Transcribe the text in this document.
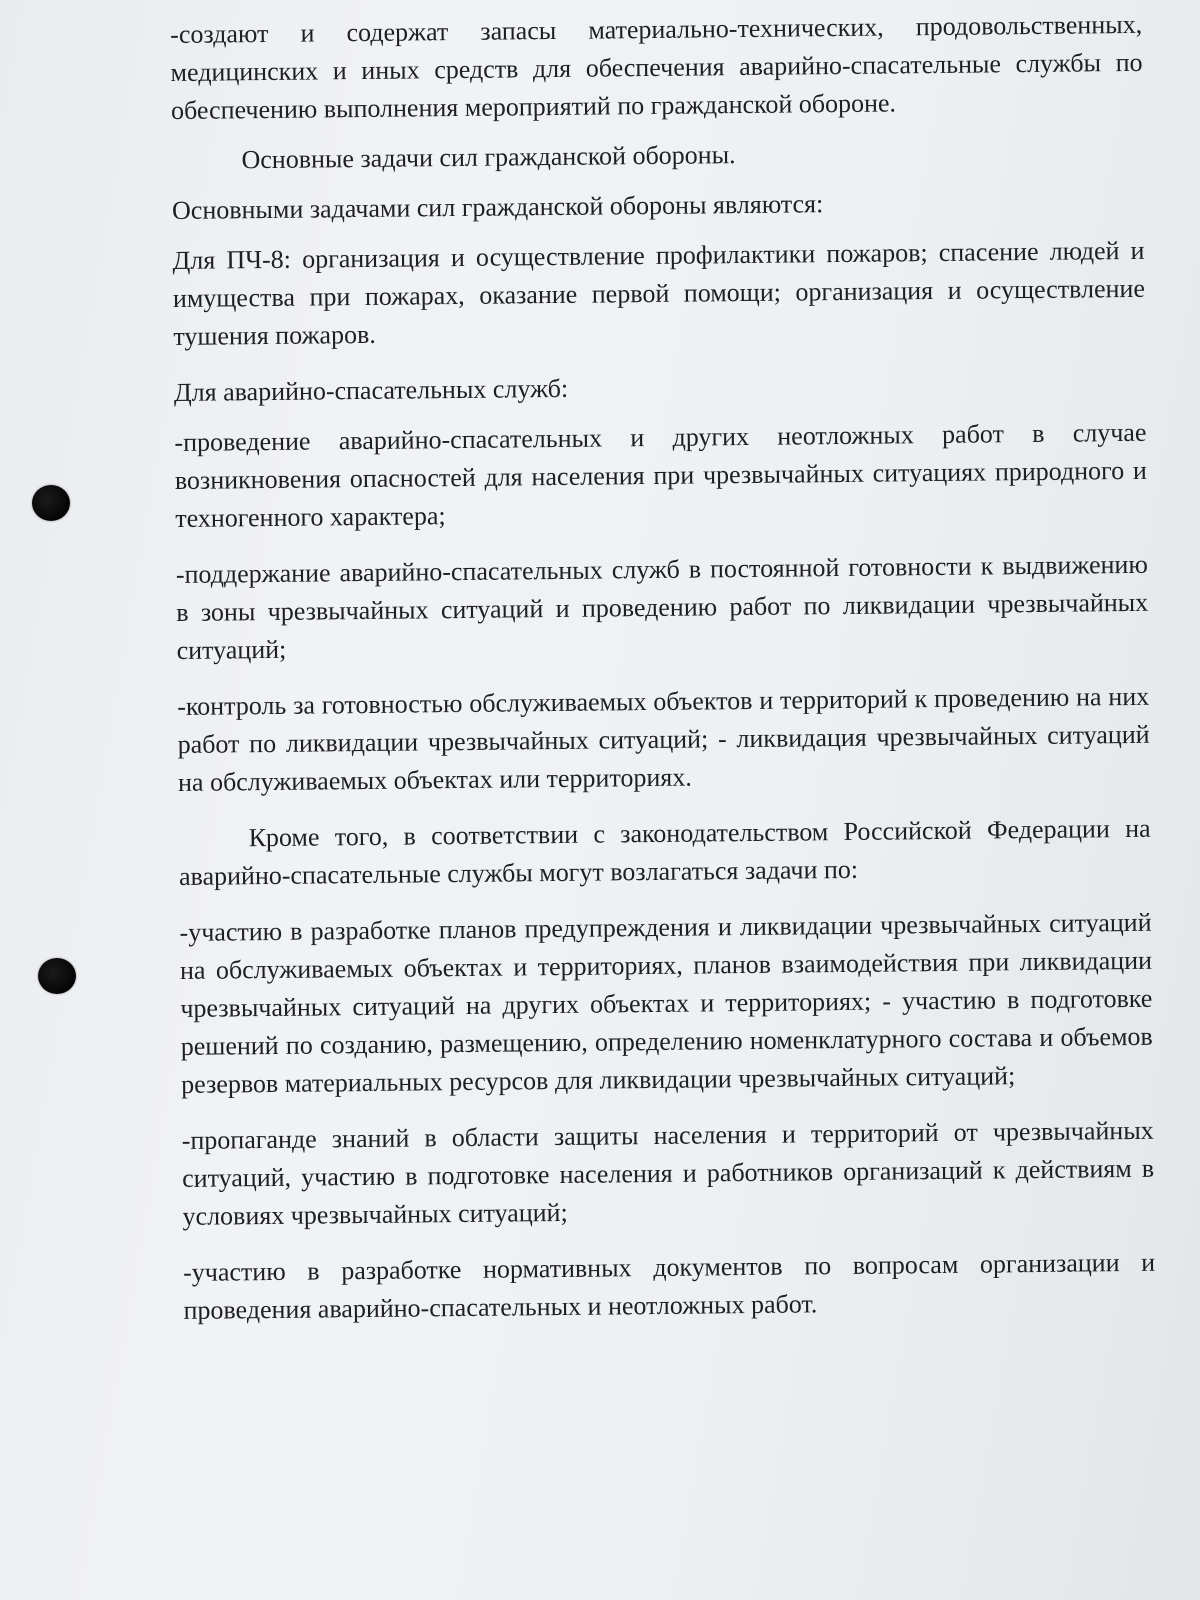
-создают и содержат запасы материально-технических, продовольственных, медицинских и иных средств для обеспечения аварийно-спасательные службы по обеспечению выполнения мероприятий по гражданской обороне.

Основные задачи сил гражданской обороны.

Основными задачами сил гражданской обороны являются:

Для ПЧ-8: организация и осуществление профилактики пожаров; спасение людей и имущества при пожарах, оказание первой помощи; организация и осуществление тушения пожаров.

Для аварийно-спасательных служб:

-проведение аварийно-спасательных и других неотложных работ в случае возникновения опасностей для населения при чрезвычайных ситуациях природного и техногенного характера;

-поддержание аварийно-спасательных служб в постоянной готовности к выдвижению в зоны чрезвычайных ситуаций и проведению работ по ликвидации чрезвычайных ситуаций;

-контроль за готовностью обслуживаемых объектов и территорий к проведению на них работ по ликвидации чрезвычайных ситуаций; - ликвидация чрезвычайных ситуаций на обслуживаемых объектах или территориях.

Кроме того, в соответствии с законодательством Российской Федерации на аварийно-спасательные службы могут возлагаться задачи по:

-участию в разработке планов предупреждения и ликвидации чрезвычайных ситуаций на обслуживаемых объектах и территориях, планов взаимодействия при ликвидации чрезвычайных ситуаций на других объектах и территориях; - участию в подготовке решений по созданию, размещению, определению номенклатурного состава и объемов резервов материальных ресурсов для ликвидации чрезвычайных ситуаций;

-пропаганде знаний в области защиты населения и территорий от чрезвычайных ситуаций, участию в подготовке населения и работников организаций к действиям в условиях чрезвычайных ситуаций;

-участию в разработке нормативных документов по вопросам организации и проведения аварийно-спасательных и неотложных работ.
